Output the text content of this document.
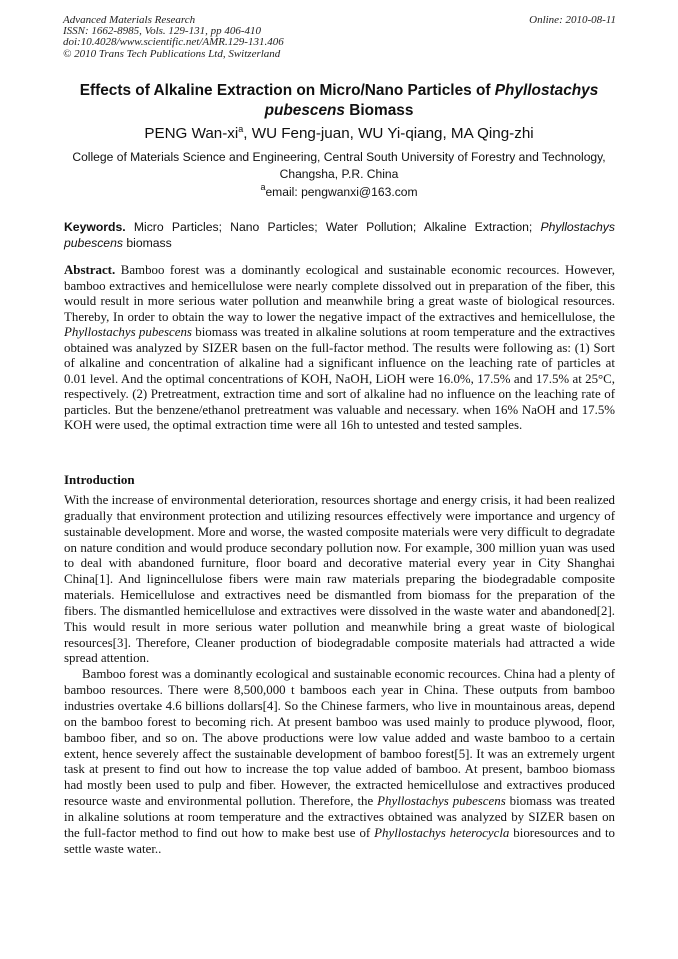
Advanced Materials Research
ISSN: 1662-8985, Vols. 129-131, pp 406-410
doi:10.4028/www.scientific.net/AMR.129-131.406
© 2010 Trans Tech Publications Ltd, Switzerland
Online: 2010-08-11
Effects of Alkaline Extraction on Micro/Nano Particles of Phyllostachys pubescens Biomass
PENG Wan-$xi^a$, WU Feng-juan, WU Yi-qiang, MA Qing-zhi
College of Materials Science and Engineering, Central South University of Forestry and Technology, Changsha, P.R. China
$^a$email: pengwanxi@163.com
Keywords. Micro Particles; Nano Particles; Water Pollution; Alkaline Extraction; Phyllostachys pubescens biomass
Abstract. Bamboo forest was a dominantly ecological and sustainable economic recources. However, bamboo extractives and hemicellulose were nearly complete dissolved out in preparation of the fiber, this would result in more serious water pollution and meanwhile bring a great waste of biological resources. Thereby, In order to obtain the way to lower the negative impact of the extractives and hemicellulose, the Phyllostachys pubescens biomass was treated in alkaline solutions at room temperature and the extractives obtained was analyzed by SIZER basen on the full-factor method. The results were following as: (1) Sort of alkaline and concentration of alkaline had a significant influence on the leaching rate of particles at 0.01 level. And the optimal concentrations of KOH, NaOH, LiOH were 16.0%, 17.5% and 17.5% at 25°C, respectively. (2) Pretreatment, extraction time and sort of alkaline had no influence on the leaching rate of particles. But the benzene/ethanol pretreatment was valuable and necessary. when 16% NaOH and 17.5% KOH were used, the optimal extraction time were all 16h to untested and tested samples.
Introduction

With the increase of environmental deterioration, resources shortage and energy crisis, it had been realized gradually that environment protection and utilizing resources effectively were importance and urgency of sustainable development. More and worse, the wasted composite materials were very difficult to degradate on nature condition and would produce secondary pollution now. For example, 300 million yuan was used to deal with abandoned furniture, floor board and decorative material every year in City Shanghai China[1]. And lignincellulose fibers were main raw materials preparing the biodegradable composite materials. Hemicellulose and extractives need be dismantled from biomass for the preparation of the fibers. The dismantled hemicellulose and extractives were dissolved in the waste water and abandoned[2]. This would result in more serious water pollution and meanwhile bring a great waste of biological resources[3]. Therefore, Cleaner production of biodegradable composite materials had attracted a wide spread attention.

Bamboo forest was a dominantly ecological and sustainable economic recources. China had a plenty of bamboo resources. There were 8,500,000 t bamboos each year in China. These outputs from bamboo industries overtake 4.6 billions dollars[4]. So the Chinese farmers, who live in mountainous areas, depend on the bamboo forest to becoming rich. At present bamboo was used mainly to produce plywood, floor, bamboo fiber, and so on. The above productions were low value added and waste bamboo to a certain extent, hence severely affect the sustainable development of bamboo forest[5]. It was an extremely urgent task at present to find out how to increase the top value added of bamboo. At present, bamboo biomass had mostly been used to pulp and fiber. However, the extracted hemicellulose and extractives produced resource waste and environmental pollution. Therefore, the Phyllostachys pubescens biomass was treated in alkaline solutions at room temperature and the extractives obtained was analyzed by SIZER basen on the full-factor method to find out how to make best use of Phyllostachys heterocycla bioresources and to settle waste water..
